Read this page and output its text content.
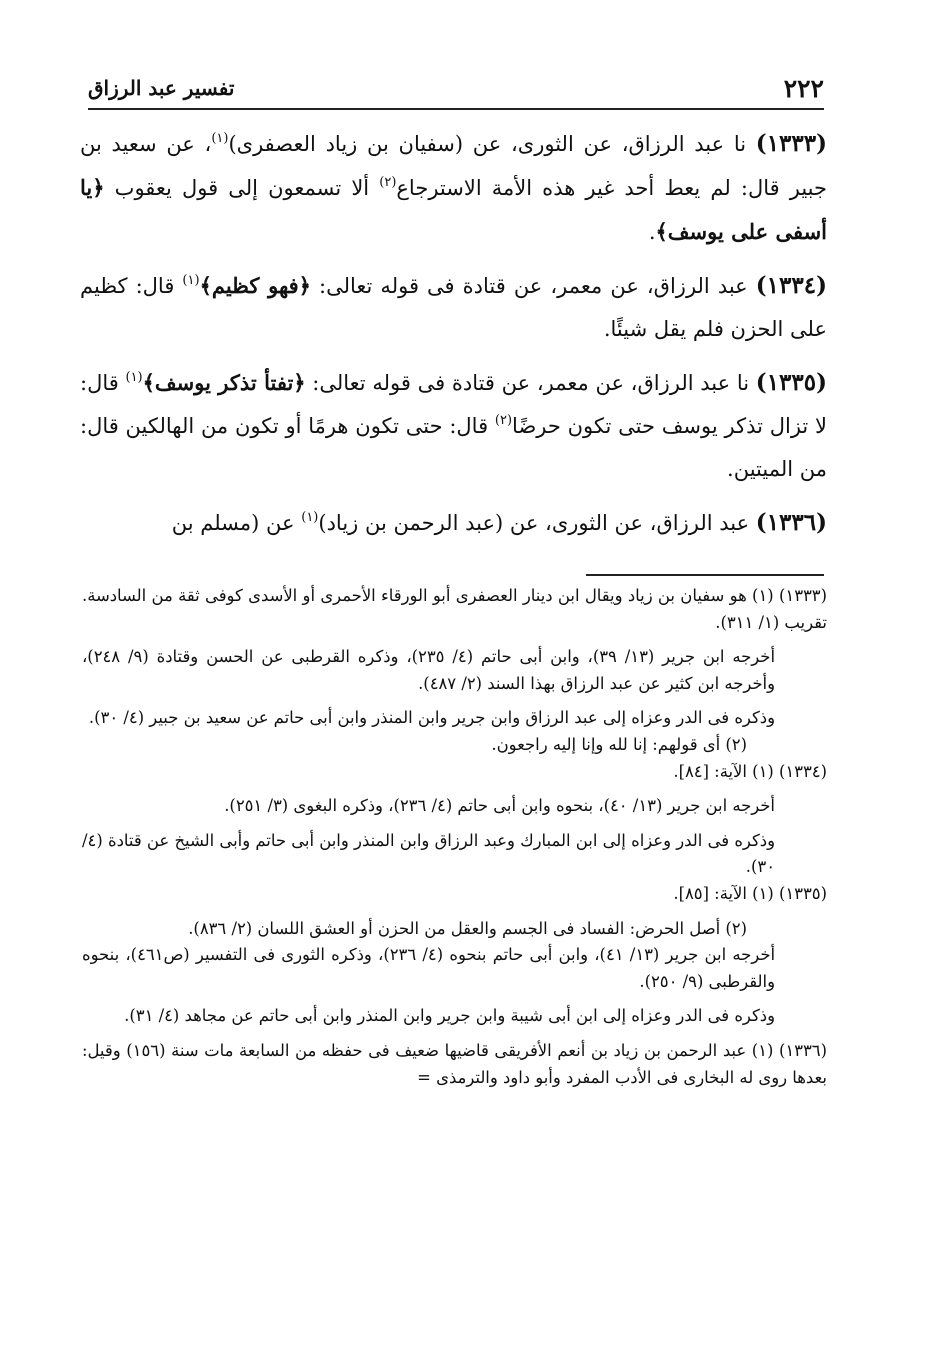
٢٢٢
تفسير عبد الرزاق

(١٣٣٣) نا عبد الرزاق، عن الثورى، عن (سفيان بن زياد العصفرى)$^{(١)}$، عن سعيد بن جبير قال: لم يعط أحد غير هذه الأمة الاسترجاع$^{(٢)}$ ألا تسمعون إلى قول يعقوب ﴿يا أسفى على يوسف﴾.

(١٣٣٤) عبد الرزاق، عن معمر، عن قتادة فى قوله تعالى: ﴿فهو كظيم﴾$^{(١)}$ قال: كظيم على الحزن فلم يقل شيئًا.

(١٣٣٥) نا عبد الرزاق، عن معمر، عن قتادة فى قوله تعالى: ﴿تفتأ تذكر يوسف﴾$^{(١)}$ قال: لا تزال تذكر يوسف حتى تكون حرضًا$^{(٢)}$ قال: حتى تكون هرمًا أو تكون من الهالكين قال: من الميتين.

(١٣٣٦) عبد الرزاق، عن الثورى، عن (عبد الرحمن بن زياد)$^{(١)}$ عن (مسلم بن

(١٣٣٣) (١) هو سفيان بن زياد ويقال ابن دينار العصفرى أبو الورقاء الأحمرى أو الأسدى كوفى ثقة من السادسة. تقريب (١/ ٣١١).

أخرجه ابن جرير (١٣/ ٣٩)، وابن أبى حاتم (٤/ ٢٣٥)، وذكره القرطبى عن الحسن وقتادة (٩/ ٢٤٨)، وأخرجه ابن كثير عن عبد الرزاق بهذا السند (٢/ ٤٨٧).

وذكره فى الدر وعزاه إلى عبد الرزاق وابن جرير وابن المنذر وابن أبى حاتم عن سعيد بن جبير (٤/ ٣٠).

(٢) أى قولهم: إنا لله وإنا إليه راجعون.

(١٣٣٤) (١) الآية: [٨٤].

أخرجه ابن جرير (١٣/ ٤٠)، بنحوه وابن أبى حاتم (٤/ ٢٣٦)، وذكره البغوى (٣/ ٢٥١).

وذكره فى الدر وعزاه إلى ابن المبارك وعبد الرزاق وابن المنذر وابن أبى حاتم وأبى الشيخ عن قتادة (٤/ ٣٠).

(١٣٣٥) (١) الآية: [٨٥].

(٢) أصل الحرض: الفساد فى الجسم والعقل من الحزن أو العشق اللسان (٢/ ٨٣٦).

أخرجه ابن جرير (١٣/ ٤١)، وابن أبى حاتم بنحوه (٤/ ٢٣٦)، وذكره الثورى فى التفسير (ص٤٦١)، بنحوه والقرطبى (٩/ ٢٥٠).

وذكره فى الدر وعزاه إلى ابن أبى شيبة وابن جرير وابن المنذر وابن أبى حاتم عن مجاهد (٤/ ٣١).

(١٣٣٦) (١) عبد الرحمن بن زياد بن أنعم الأفريقى قاضيها ضعيف فى حفظه من السابعة مات سنة (١٥٦) وقيل: بعدها روى له البخارى فى الأدب المفرد وأبو داود والترمذى =
